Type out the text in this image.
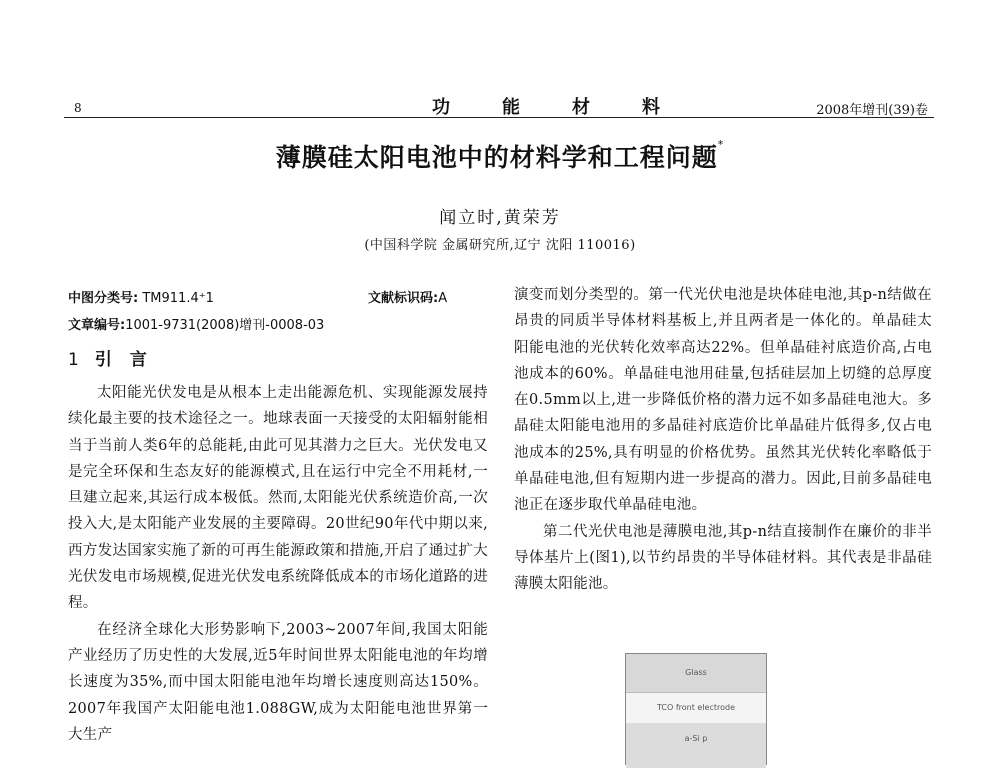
8	功能材料	2008年增刊(39)卷
薄膜硅太阳电池中的材料学和工程问题*
闻立时,黄荣芳
(中国科学院 金属研究所,辽宁 沈阳 110016)
中图分类号: TM911.4⁺1	文献标识码:A
文章编号:1001-9731(2008)增刊-0008-03
1 引言

太阳能光伏发电是从根本上走出能源危机、实现能源发展持续化最主要的技术途径之一。地球表面一天接受的太阳辐射能相当于当前人类6年的总能耗,由此可见其潜力之巨大。光伏发电又是完全环保和生态友好的能源模式,且在运行中完全不用耗材,一旦建立起来,其运行成本极低。然而,太阳能光伏系统造价高,一次投入大,是太阳能产业发展的主要障碍。20世纪90年代中期以来,西方发达国家实施了新的可再生能源政策和措施,开启了通过扩大光伏发电市场规模,促进光伏发电系统降低成本的市场化道路的进程。

在经济全球化大形势影响下,2003~2007年间,我国太阳能产业经历了历史性的大发展,近5年时间世界太阳能电池的年均增长速度为35%,而中国太阳能电池年均增长速度则高达150%。2007年我国产太阳能电池1.088GW,成为太阳能电池世界第一大生产

演变而划分类型的。第一代光伏电池是块体硅电池,其p-n结做在昂贵的同质半导体材料基板上,并且两者是一体化的。单晶硅太阳能电池的光伏转化效率高达22%。但单晶硅衬底造价高,占电池成本的60%。单晶硅电池用硅量,包括硅层加上切缝的总厚度在0.5mm以上,进一步降低价格的潜力远不如多晶硅电池大。多晶硅太阳能电池用的多晶硅衬底造价比单晶硅片低得多,仅占电池成本的25%,具有明显的价格优势。虽然其光伏转化率略低于单晶硅电池,但有短期内进一步提高的潜力。因此,目前多晶硅电池正在逐步取代单晶硅电池。

第二代光伏电池是薄膜电池,其p-n结直接制作在廉价的非半导体基片上(图1),以节约昂贵的半导体硅材料。其代表是非晶硅薄膜太阳能池。

Glass
TCO front electrode
a-Si p
